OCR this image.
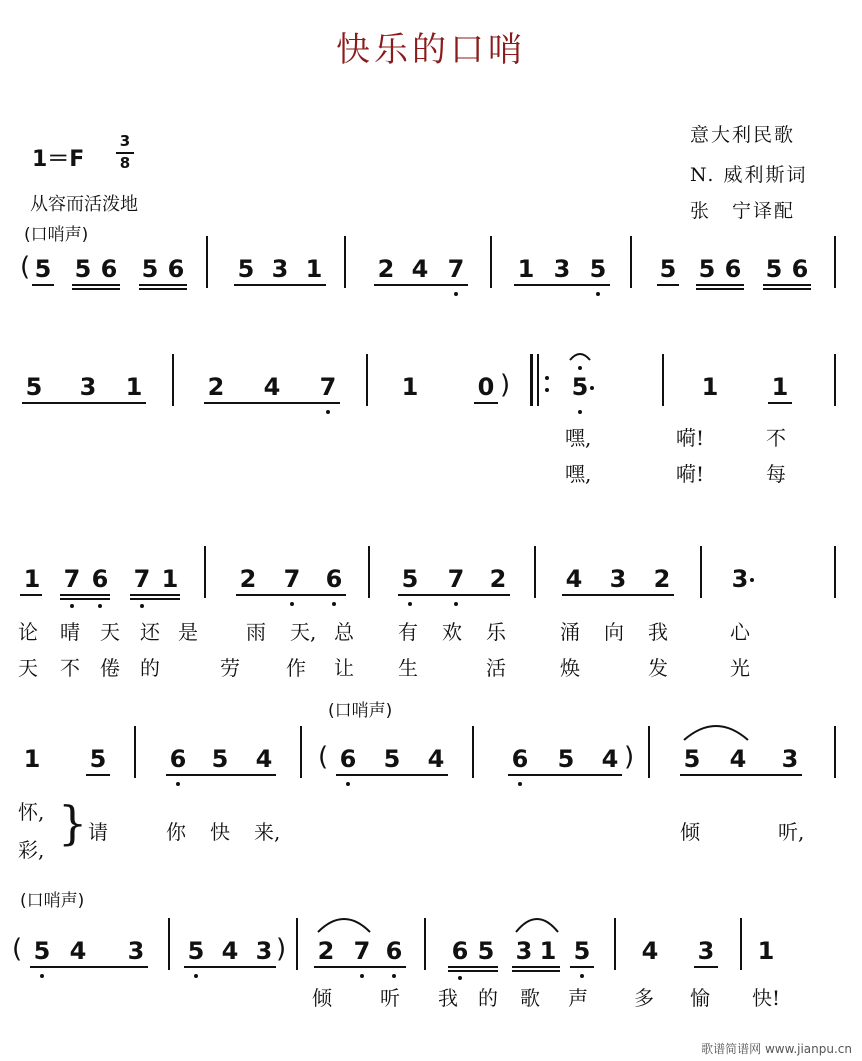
快乐的口哨
意大利民歌
N. 威利斯词
张　宁译配
1＝F
3
8
从容而活泼地
(口哨声)
( 5 5 6 5 6 5 3 1 2 4 7 1 3 5 5 5 6 5 6
5 3 1	2 4 7	1 0 )	5	1 1
嘿,	嗬!	不
嘿,	嗬!	每
1 7 6 7 1	2 7 6 5 7 2 4 3 2	3
论 晴 天 还 是 雨 天, 总 有 欢 乐	涌 向 我	心
天 不 倦 的	劳 作 让 生	活	焕	发	光
(口哨声)
1 5	6 5 4 ( 6 5 4	6 5 4 ) 5 4 3
怀,
彩, } 请	你 快 来,	倾	听,
(口哨声)
( 5 4 3 5 4 3 ) 2 7 6 6 5 3 1 5 4 3 1
倾 听 我 的 歌 声 多 愉 快!
歌谱简谱网 www.jianpu.cn
